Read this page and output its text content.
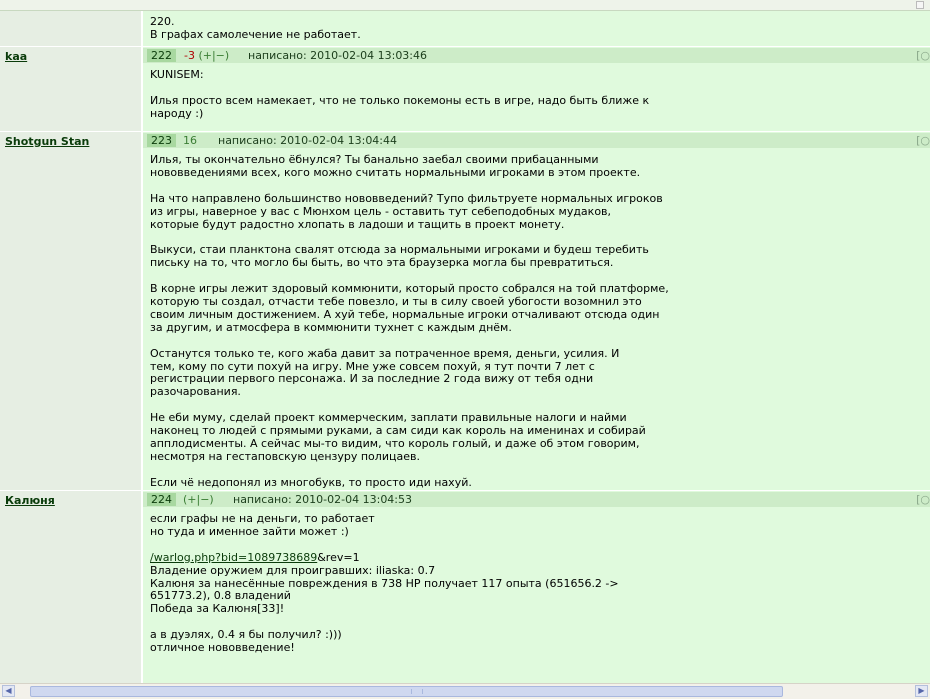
220.
В графах самолечение не работает.
kaa	222	-3 (+|−) написано: 2010-02-04 13:03:46	[○
KUNISEM:

Илья просто всем намекает, что не только покемоны есть в игре, надо быть ближе к
народу :)
Shotgun Stan	223	16 написано: 2010-02-04 13:04:44	[○
Илья, ты окончательно ёбнулся? Ты банально заебал своими прибацанными
нововведениями всех, кого можно считать нормальными игроками в этом проекте.

На что направлено большинство нововведений? Тупо фильтруете нормальных игроков
из игры, наверное у вас с Мюнхом цель - оставить тут себеподобных мудаков,
которые будут радостно хлопать в ладоши и тащить в проект монету.

Выкуси, стаи планктона свалят отсюда за нормальными игроками и будеш теребить
письку на то, что могло бы быть, во что эта браузерка могла бы превратиться.

В корне игры лежит здоровый коммюнити, который просто собрался на той платформе,
которую ты создал, отчасти тебе повезло, и ты в силу своей убогости возомнил это
своим личным достижением. А хуй тебе, нормальные игроки отчаливают отсюда один
за другим, и атмосфера в коммюнити тухнет с каждым днём.

Останутся только те, кого жаба давит за потраченное время, деньги, усилия. И
тем, кому по сути похуй на игру. Мне уже совсем похуй, я тут почти 7 лет с
регистрации первого персонажа. И за последние 2 года вижу от тебя одни
разочарования.

Не еби муму, сделай проект коммерческим, заплати правильные налоги и найми
наконец то людей с прямыми руками, а сам сиди как король на именинах и собирай
апплодисменты. А сейчас мы-то видим, что король голый, и даже об этом говорим,
несмотря на гестаповскую цензуру полицаев.

Если чё недопонял из многобукв, то просто иди нахуй.
Калюня	224	(+|−) написано: 2010-02-04 13:04:53	[○
если графы не на деньги, то работает
но туда и именное зайти может :)

/warlog.php?bid=1089738689&rev=1
Владение оружием для проигравших: iliaska: 0.7
Калюня за нанесённые повреждения в 738 HP получает 117 опыта (651656.2 ->
651773.2), 0.8 владений
Победа за Калюня[33]!

а в дуэлях, 0.4 я бы получил? :)))
отличное нововведение!
◀	▶
